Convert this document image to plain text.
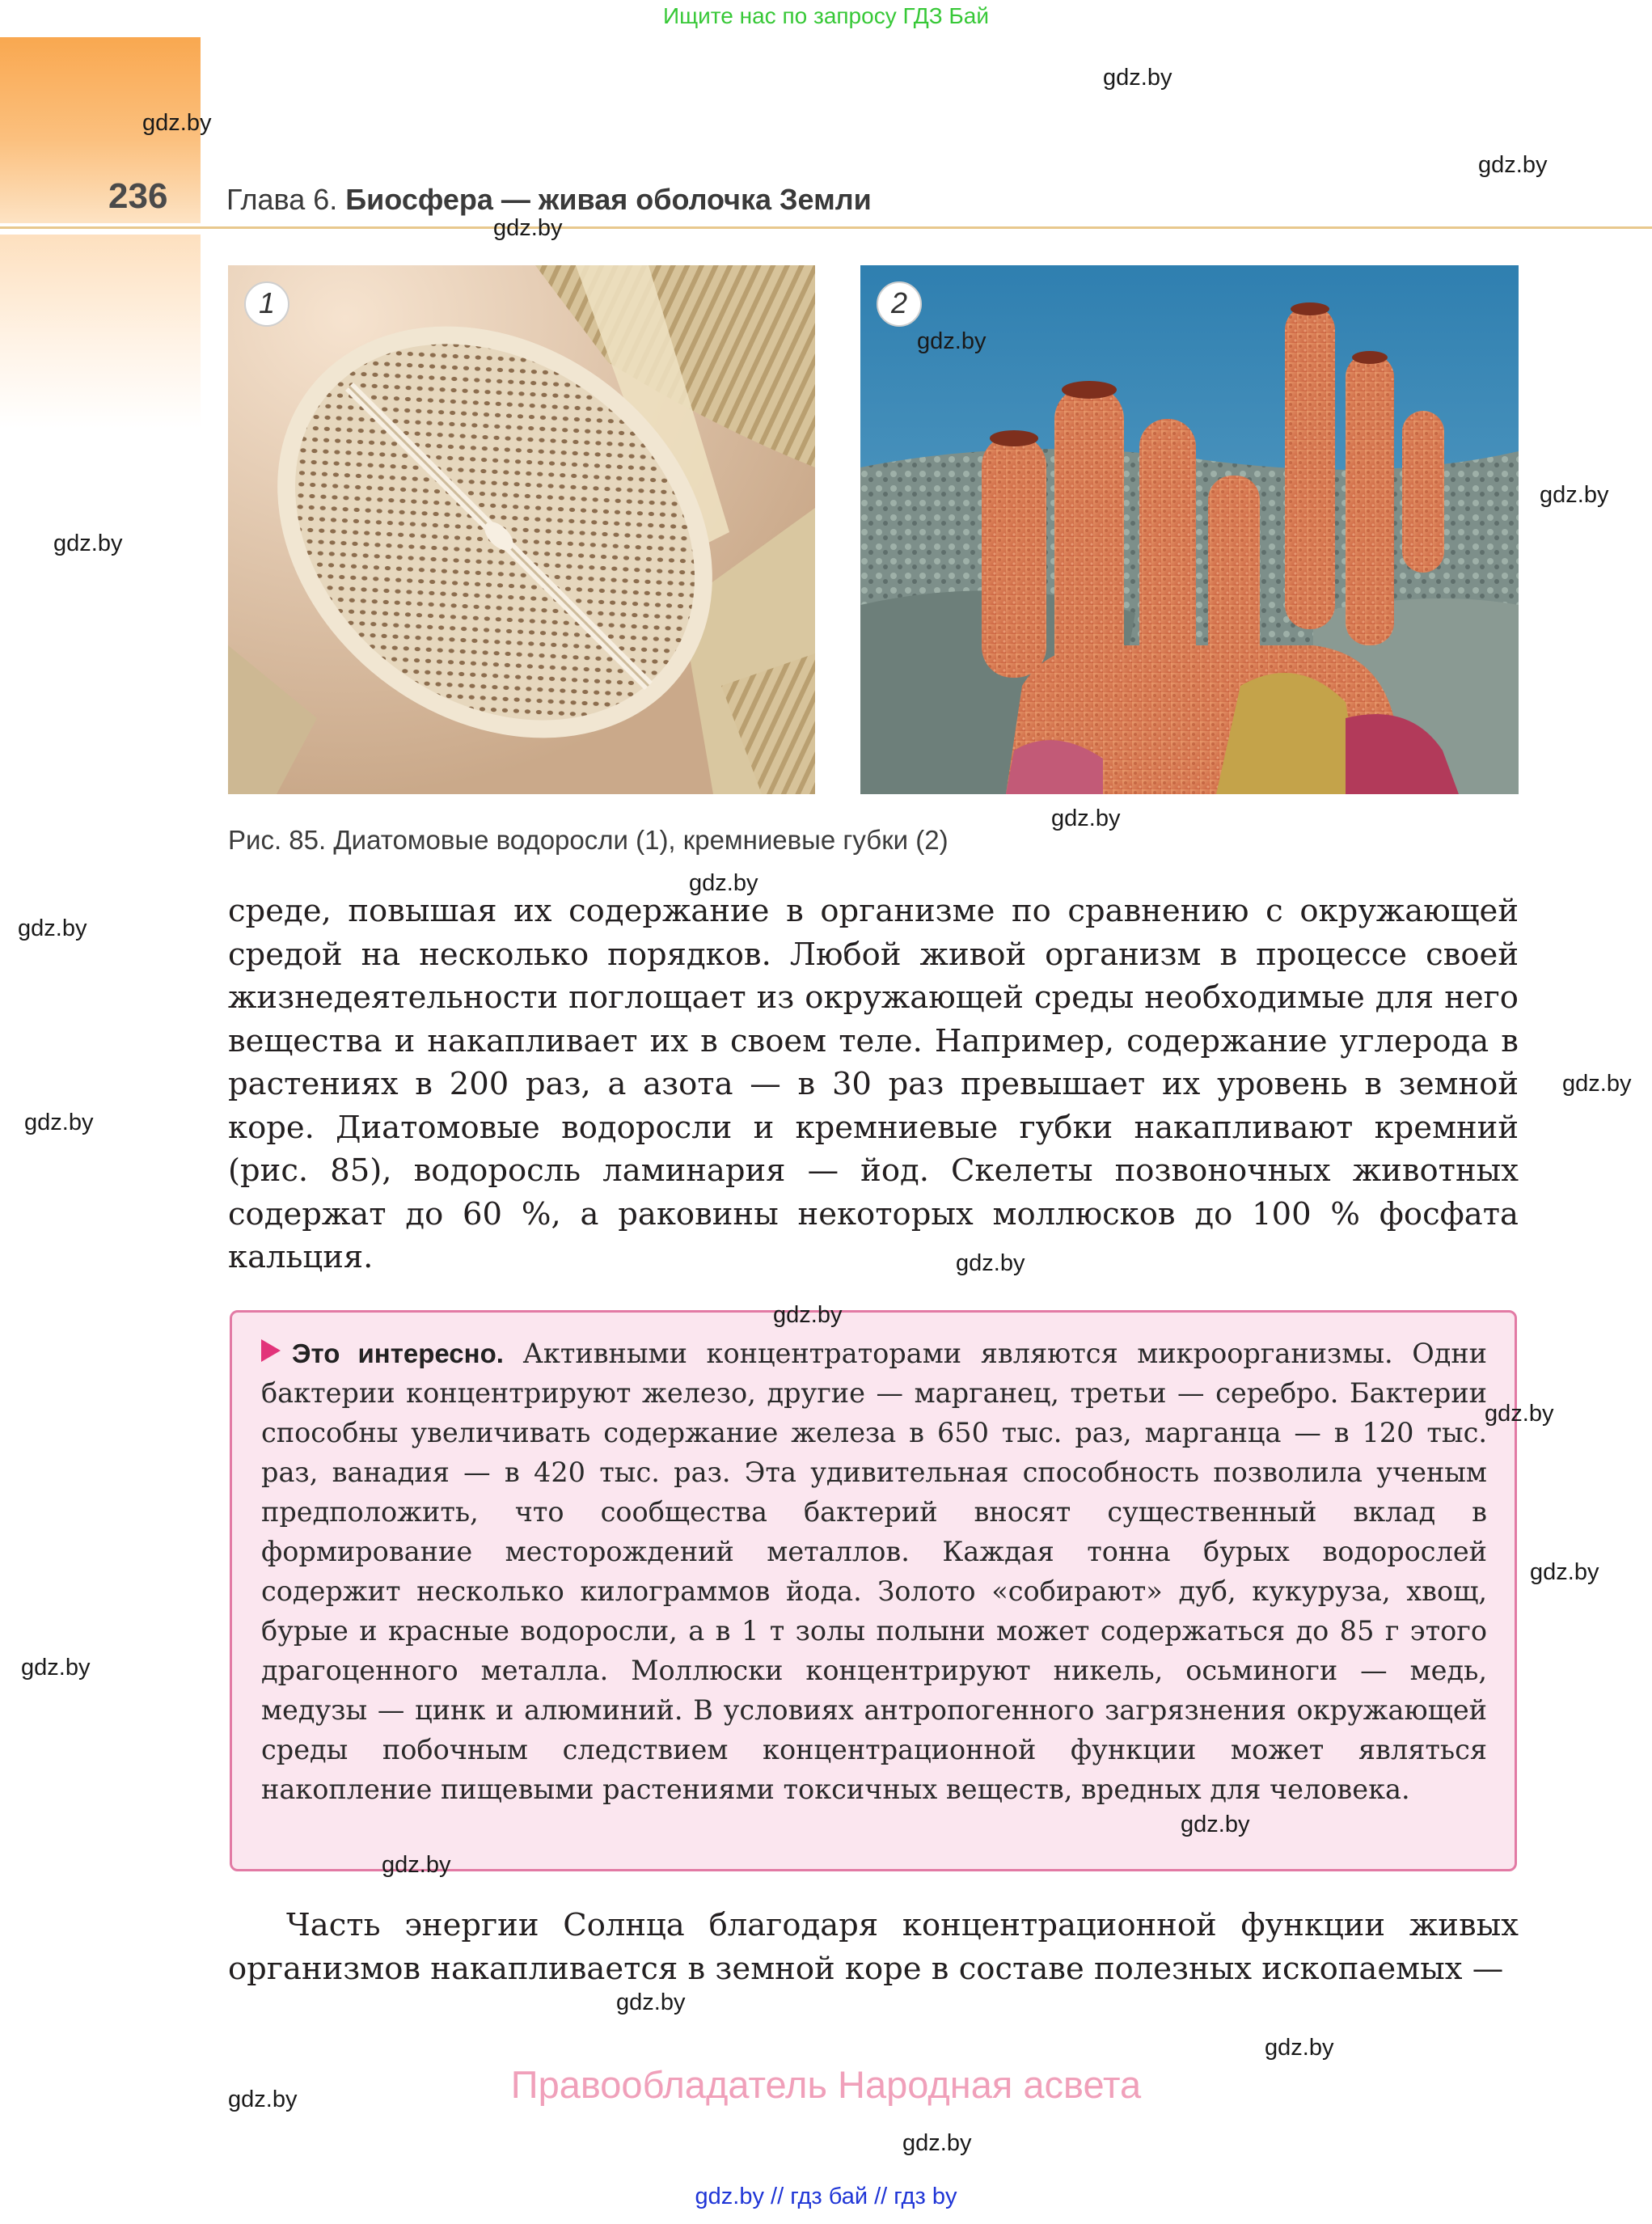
Ищите нас по запросу ГДЗ Бай
236 Глава 6. Биосфера — живая оболочка Земли
1	2
Рис. 85. Диатомовые водоросли (1), кремниевые губки (2)
среде, повышая их содержание в организме по сравнению с окружающей средой на несколько порядков. Любой живой организм в процессе своей жизнедеятельности поглощает из окружающей среды необходимые для него вещества и накапливает их в своем теле. Например, содержание углерода в растениях в 200 раз, а азота — в 30 раз превышает их уровень в земной коре. Диатомовые водоросли и кремниевые губки накапливают кремний (рис. 85), водоросль ламинария — йод. Скелеты позвоночных животных содержат до 60 %, а раковины некоторых моллюсков до 100 % фосфата кальция.
Это интересно. Активными концентраторами являются микроорганизмы. Одни бактерии концентрируют железо, другие — марганец, третьи — серебро. Бактерии способны увеличивать содержание железа в 650 тыс. раз, марганца — в 120 тыс. раз, ванадия — в 420 тыс. раз. Эта удивительная способность позволила ученым предположить, что сообщества бактерий вносят существенный вклад в формирование месторождений металлов. Каждая тонна бурых водорослей содержит несколько килограммов йода. Золото «собирают» дуб, кукуруза, хвощ, бурые и красные водоросли, а в 1 т золы полыни может содержаться до 85 г этого драгоценного металла. Моллюски концентрируют никель, осьминоги — медь, медузы — цинк и алюминий. В условиях антропогенного загрязнения окружающей среды побочным следствием концентрационной функции может являться накопление пищевыми растениями токсичных веществ, вредных для человека.
Часть энергии Солнца благодаря концентрационной функции живых организмов накапливается в земной коре в составе полезных ископаемых —
Правообладатель Народная асвета
gdz.by // гдз бай // гдз by
gdz.by
gdz.by
gdz.by
gdz.by
gdz.by
gdz.by
gdz.by
gdz.by
gdz.by
gdz.by
gdz.by
gdz.by
gdz.by
gdz.by
gdz.by
gdz.by
gdz.by
gdz.by
gdz.by
gdz.by
gdz.by
gdz.by
gdz.by
